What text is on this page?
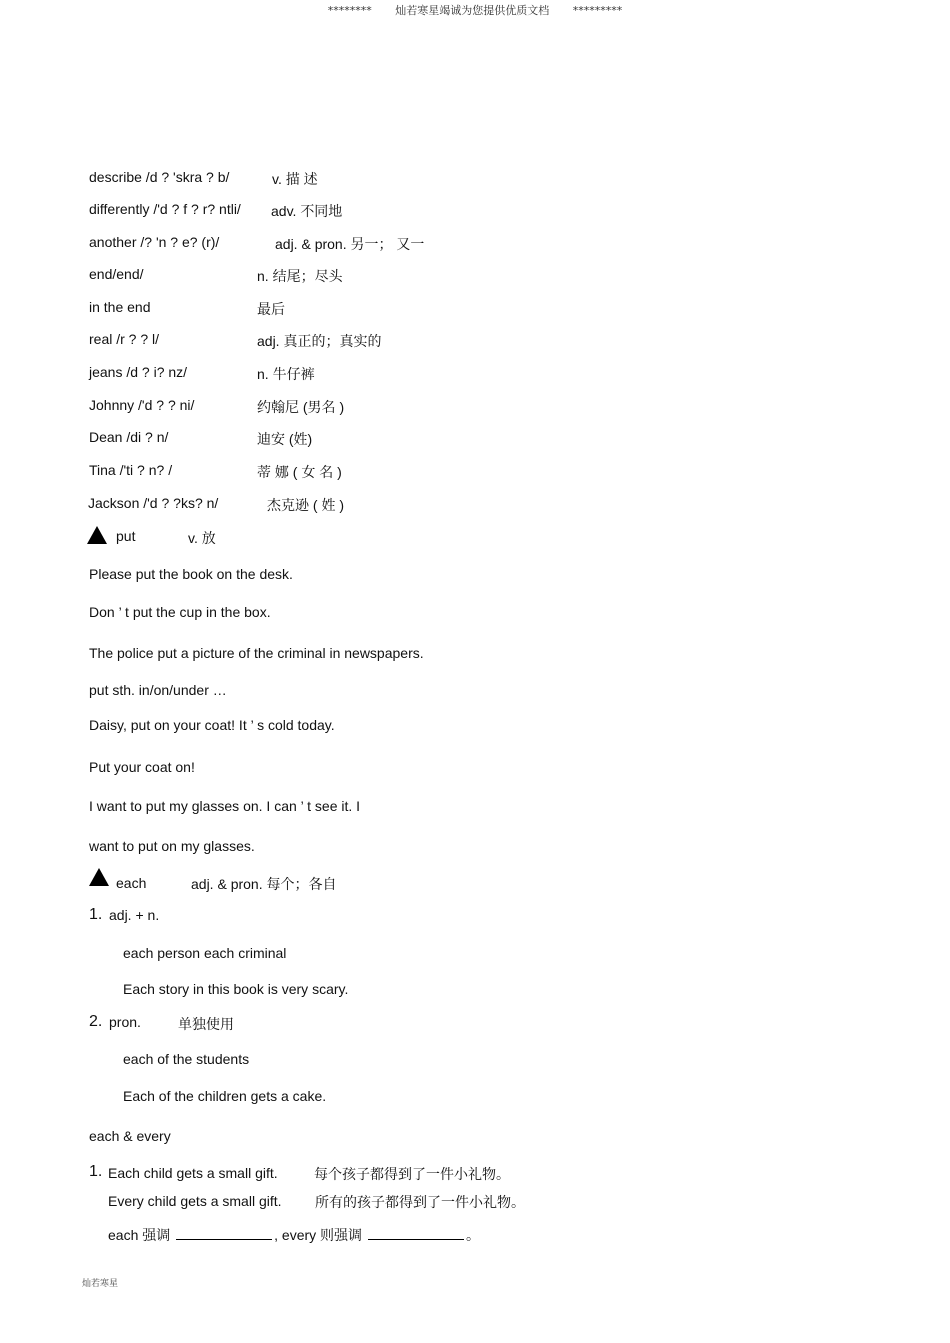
******** 灿若寒星竭诚为您提供优质文档 *********
describe /d ? 'skra ? b/	v. 描 述
differently /'d ? f ? r? ntli/ adv. 不同地
another /? 'n ? e? (r)/	adj. & pron. 另一； 又一
end/end/	n. 结尾；尽头
in the end	最后
real /r ? ? l/	adj. 真正的；真实的
jeans /d ? i? nz/	n. 牛仔裤
Johnny /'d ? ? ni/	约翰尼 (男名 )
Dean /di ? n/	迪安 (姓)
Tina /'ti ? n? /	蒂 娜 ( 女 名 )
Jackson /'d ? ?ks? n/	杰克逊 ( 姓 )
put	v. 放
Please put the book on the desk.
Don ’ t put the cup in the box.
The police put a picture of the criminal in newspapers.
put sth. in/on/under …
Daisy, put on your coat! It ’ s cold today.
Put your coat on!
I want to put my glasses on. I can ’ t see it. I
want to put on my glasses.
each	adj. & pron. 每个；各自
1. adj. + n.
each person each criminal
Each story in this book is very scary.
2. pron.	单独使用
each of the students
Each of the children gets a cake.
each & every
1. Each child gets a small gift.	每个孩子都得到了一件小礼物。
Every child gets a small gift. 所有的孩子都得到了一件小礼物。
each 强调	, every 则强调	。
灿若寒星
